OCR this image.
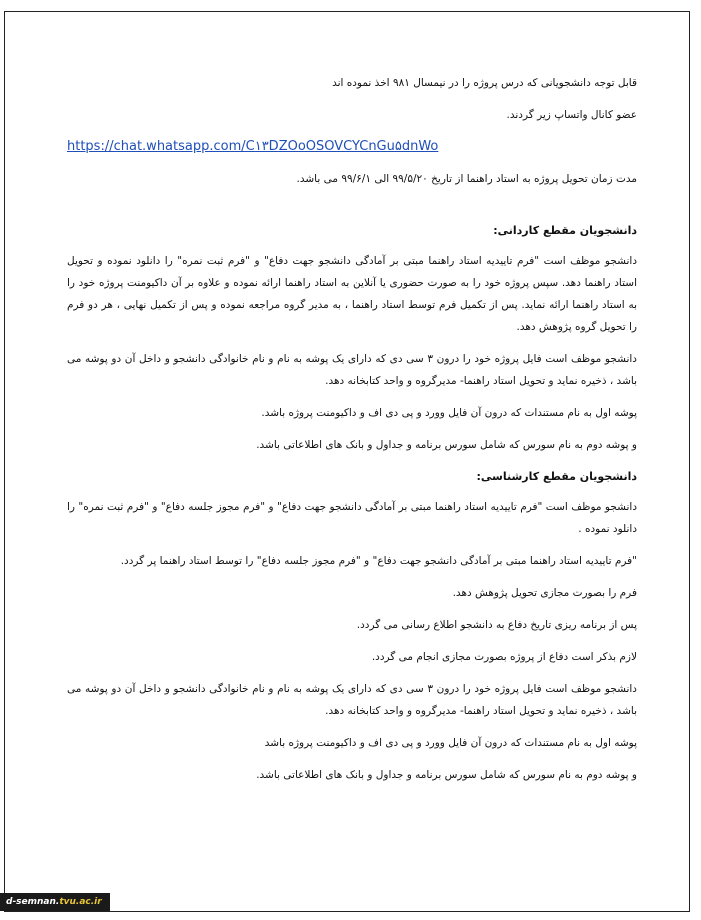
قابل توجه دانشجویانی که درس پروژه را در نیمسال ۹۸۱ اخذ نموده اند

عضو کانال واتساپ زیر گردند.

https://chat.whatsapp.com/C۱۳DZOoOSOVCYCnGu۵dnWo

مدت زمان تحویل پروژه به استاد راهنما از تاریخ ۹۹/۵/۲۰ الی ۹۹/۶/۱ می باشد.

دانشجویان مقطع کاردانی:

دانشجو موظف است "فرم تاییدیه استاد راهنما مبتی بر آمادگی دانشجو جهت دفاع" و "فرم ثبت نمره" را دانلود نموده و تحویل استاد راهنما دهد. سپس پروژه خود را به صورت حضوری یا آنلاین به استاد راهنما ارائه نموده و علاوه بر آن داکیومنت پروژه خود را به استاد راهنما ارائه نماید. پس از تکمیل فرم توسط استاد راهنما ، به مدیر گروه مراجعه نموده و پس از تکمیل نهایی ، هر دو فرم را تحویل گروه پژوهش دهد.

دانشجو موظف است فایل پروژه خود را درون ۳ سی دی که دارای یک پوشه به نام و نام خانوادگی دانشجو و داخل آن دو پوشه می باشد ، ذخیره نماید و تحویل استاد راهنما- مدیرگروه و واحد کتابخانه دهد.

پوشه اول به نام مستندات که درون آن فایل وورد و پی دی اف و داکیومنت پروژه باشد.

و پوشه دوم به نام سورس که شامل سورس برنامه و جداول و بانک های اطلاعاتی باشد.

دانشجویان مقطع کارشناسی:

دانشجو موظف است "فرم تاییدیه استاد راهنما مبتی بر آمادگی دانشجو جهت دفاع" و "فرم مجوز جلسه دفاع" و "فرم ثبت نمره" را دانلود نموده .

"فرم تاییدیه استاد راهنما مبتی بر آمادگی دانشجو جهت دفاع" و "فرم مجوز جلسه دفاع" را توسط استاد راهنما پر گردد.

فرم را بصورت مجازی تحویل پژوهش دهد.

پس از برنامه ریزی تاریخ دفاع به دانشجو اطلاع رسانی می گردد.

لازم بذکر است دفاع از پروژه بصورت مجازی انجام می گردد.

دانشجو موظف است فایل پروژه خود را درون ۳ سی دی که دارای یک پوشه به نام و نام خانوادگی دانشجو و داخل آن دو پوشه می باشد ، ذخیره نماید و تحویل استاد راهنما- مدیرگروه و واحد کتابخانه دهد.

پوشه اول به نام مستندات که درون آن فایل وورد و پی دی اف و داکیومنت پروژه باشد

و پوشه دوم به نام سورس که شامل سورس برنامه و جداول و بانک های اطلاعاتی باشد.

d-semnan.tvu.ac.ir
